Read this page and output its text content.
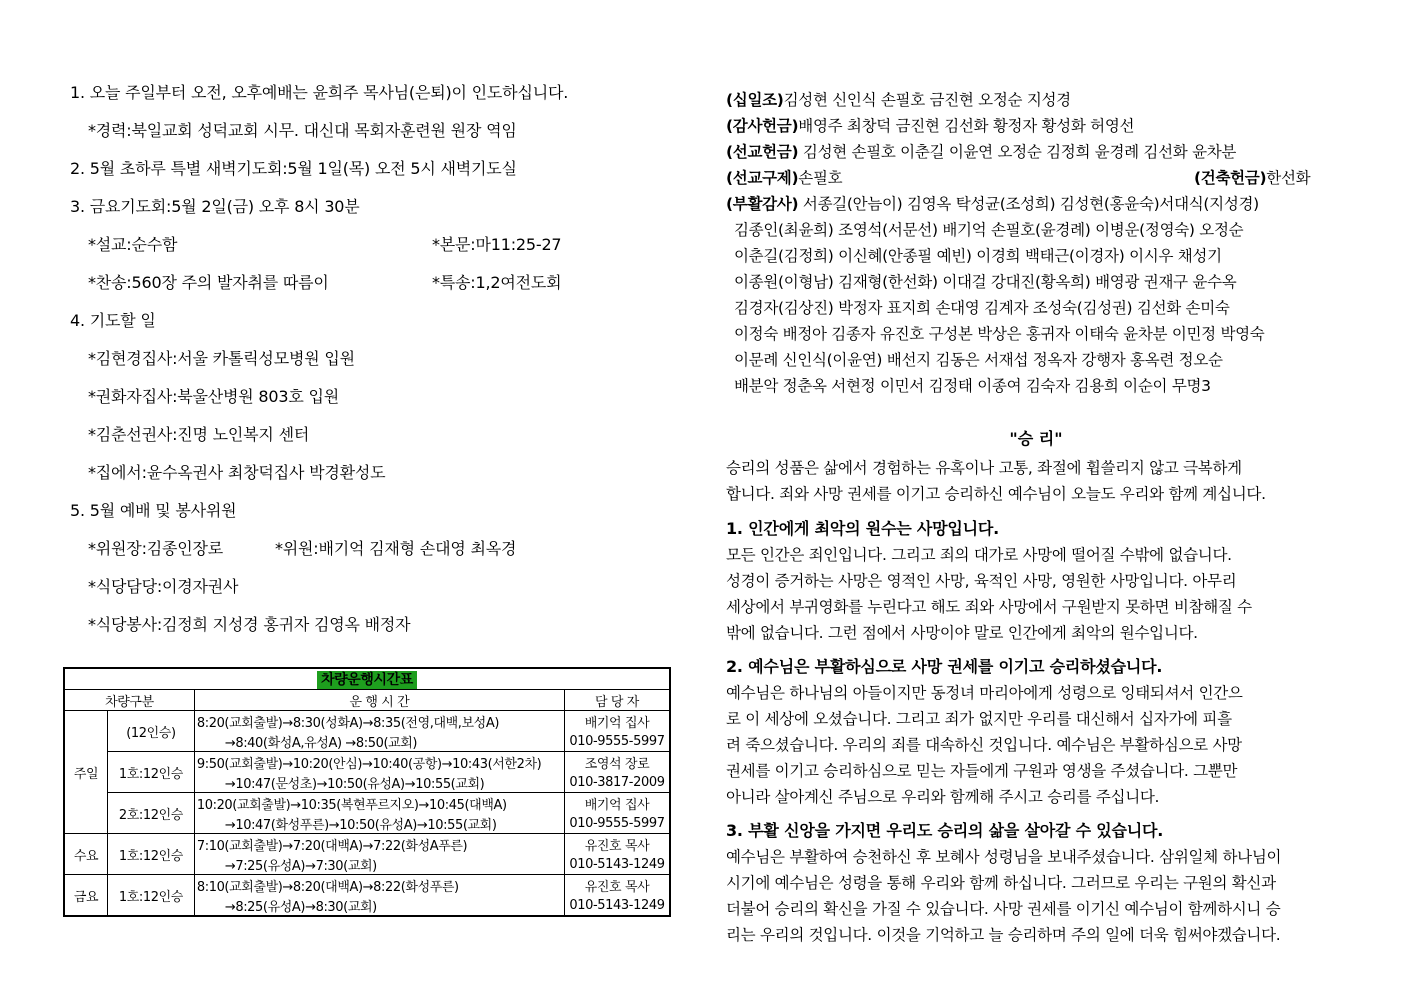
1. 오늘 주일부터 오전, 오후예배는 윤희주 목사님(은퇴)이 인도하십니다.
*경력:북일교회 성덕교회 시무. 대신대 목회자훈련원 원장 역임
2. 5월 초하루 특별 새벽기도회:5월 1일(목) 오전 5시 새벽기도실
3. 금요기도회:5월 2일(금) 오후 8시 30분
*설교:순수함	*본문:마11:25-27
*찬송:560장 주의 발자취를 따름이	*특송:1,2여전도회
4. 기도할 일
*김현경집사:서울 카톨릭성모병원 입원
*권화자집사:북울산병원 803호 입원
*김춘선권사:진명 노인복지 센터
*집에서:윤수옥권사 최창덕집사 박경환성도
5. 5월 예배 및 봉사위원
*위원장:김종인장로	*위원:배기억 김재형 손대영 최옥경
*식당담당:이경자권사
*식당봉사:김정희 지성경 홍귀자 김영옥 배정자
차량운행시간표			
차량구분		운 행 시 간	담 당 자
주일	(12인승)	8:20(교회출발)→8:30(성화A)→8:35(전영,대백,보성A)	배기억 집사
		→8:40(화성A,유성A) →8:50(교회)	010-9555-5997
	1호:12인승	9:50(교회출발)→10:20(안심)→10:40(공항)→10:43(서한2차)	조영석 장로
		→10:47(문성초)→10:50(유성A)→10:55(교회)	010-3817-2009
	2호:12인승	10:20(교회출발)→10:35(복현푸르지오)→10:45(대백A)	배기억 집사
		→10:47(화성푸른)→10:50(유성A)→10:55(교회)	010-9555-5997
수요	1호:12인승	7:10(교회출발)→7:20(대백A)→7:22(화성A푸른)	유진호 목사
		→7:25(유성A)→7:30(교회)	010-5143-1249
금요	1호:12인승	8:10(교회출발)→8:20(대백A)→8:22(화성푸른)	유진호 목사
		→8:25(유성A)→8:30(교회)	010-5143-1249
(십일조)김성현 신인식 손필호 금진현 오정순 지성경
(감사헌금)배영주 최창덕 금진현 김선화 황정자 황성화 허영선
(선교헌금) 김성현 손필호 이춘길 이윤연 오정순 김정희 윤경례 김선화 윤차분
(선교구제)손필호	(건축헌금)한선화
(부활감사) 서종길(안늠이) 김영옥 탁성균(조성희) 김성현(홍윤숙)서대식(지성경)
김종인(최윤희) 조영석(서문선) 배기억 손필호(윤경례) 이병운(정영숙) 오정순
이춘길(김정희) 이신혜(안종필 예빈) 이경희 백태근(이경자) 이시우 채성기
이종원(이형남) 김재형(한선화) 이대걸 강대진(황옥희) 배영광 권재구 윤수옥
김경자(김상진) 박정자 표지희 손대영 김계자 조성숙(김성권) 김선화 손미숙
이정숙 배정아 김종자 유진호 구성본 박상은 홍귀자 이태숙 윤차분 이민정 박영숙
이문례 신인식(이윤연) 배선지 김동은 서재섭 정옥자 강행자 홍옥련 정오순
배분악 정춘옥 서현정 이민서 김정태 이종여 김숙자 김용희 이순이 무명3
"승 리"
승리의 성품은 삶에서 경험하는 유혹이나 고통, 좌절에 휩쓸리지 않고 극복하게
합니다. 죄와 사망 권세를 이기고 승리하신 예수님이 오늘도 우리와 함께 계십니다.
1. 인간에게 최악의 원수는 사망입니다.
모든 인간은 죄인입니다. 그리고 죄의 대가로 사망에 떨어질 수밖에 없습니다.
성경이 증거하는 사망은 영적인 사망, 육적인 사망, 영원한 사망입니다. 아무리
세상에서 부귀영화를 누린다고 해도 죄와 사망에서 구원받지 못하면 비참해질 수
밖에 없습니다. 그런 점에서 사망이야 말로 인간에게 최악의 원수입니다.
2. 예수님은 부활하심으로 사망 권세를 이기고 승리하셨습니다.
예수님은 하나님의 아들이지만 동정녀 마리아에게 성령으로 잉태되셔서 인간으
로 이 세상에 오셨습니다. 그리고 죄가 없지만 우리를 대신해서 십자가에 피흘
려 죽으셨습니다. 우리의 죄를 대속하신 것입니다. 예수님은 부활하심으로 사망
권세를 이기고 승리하심으로 믿는 자들에게 구원과 영생을 주셨습니다. 그뿐만
아니라 살아계신 주님으로 우리와 함께해 주시고 승리를 주십니다.
3. 부활 신앙을 가지면 우리도 승리의 삶을 살아갈 수 있습니다.
예수님은 부활하여 승천하신 후 보혜사 성령님을 보내주셨습니다. 삼위일체 하나님이
시기에 예수님은 성령을 통해 우리와 함께 하십니다. 그러므로 우리는 구원의 확신과
더불어 승리의 확신을 가질 수 있습니다. 사망 권세를 이기신 예수님이 함께하시니 승
리는 우리의 것입니다. 이것을 기억하고 늘 승리하며 주의 일에 더욱 힘써야겠습니다.
